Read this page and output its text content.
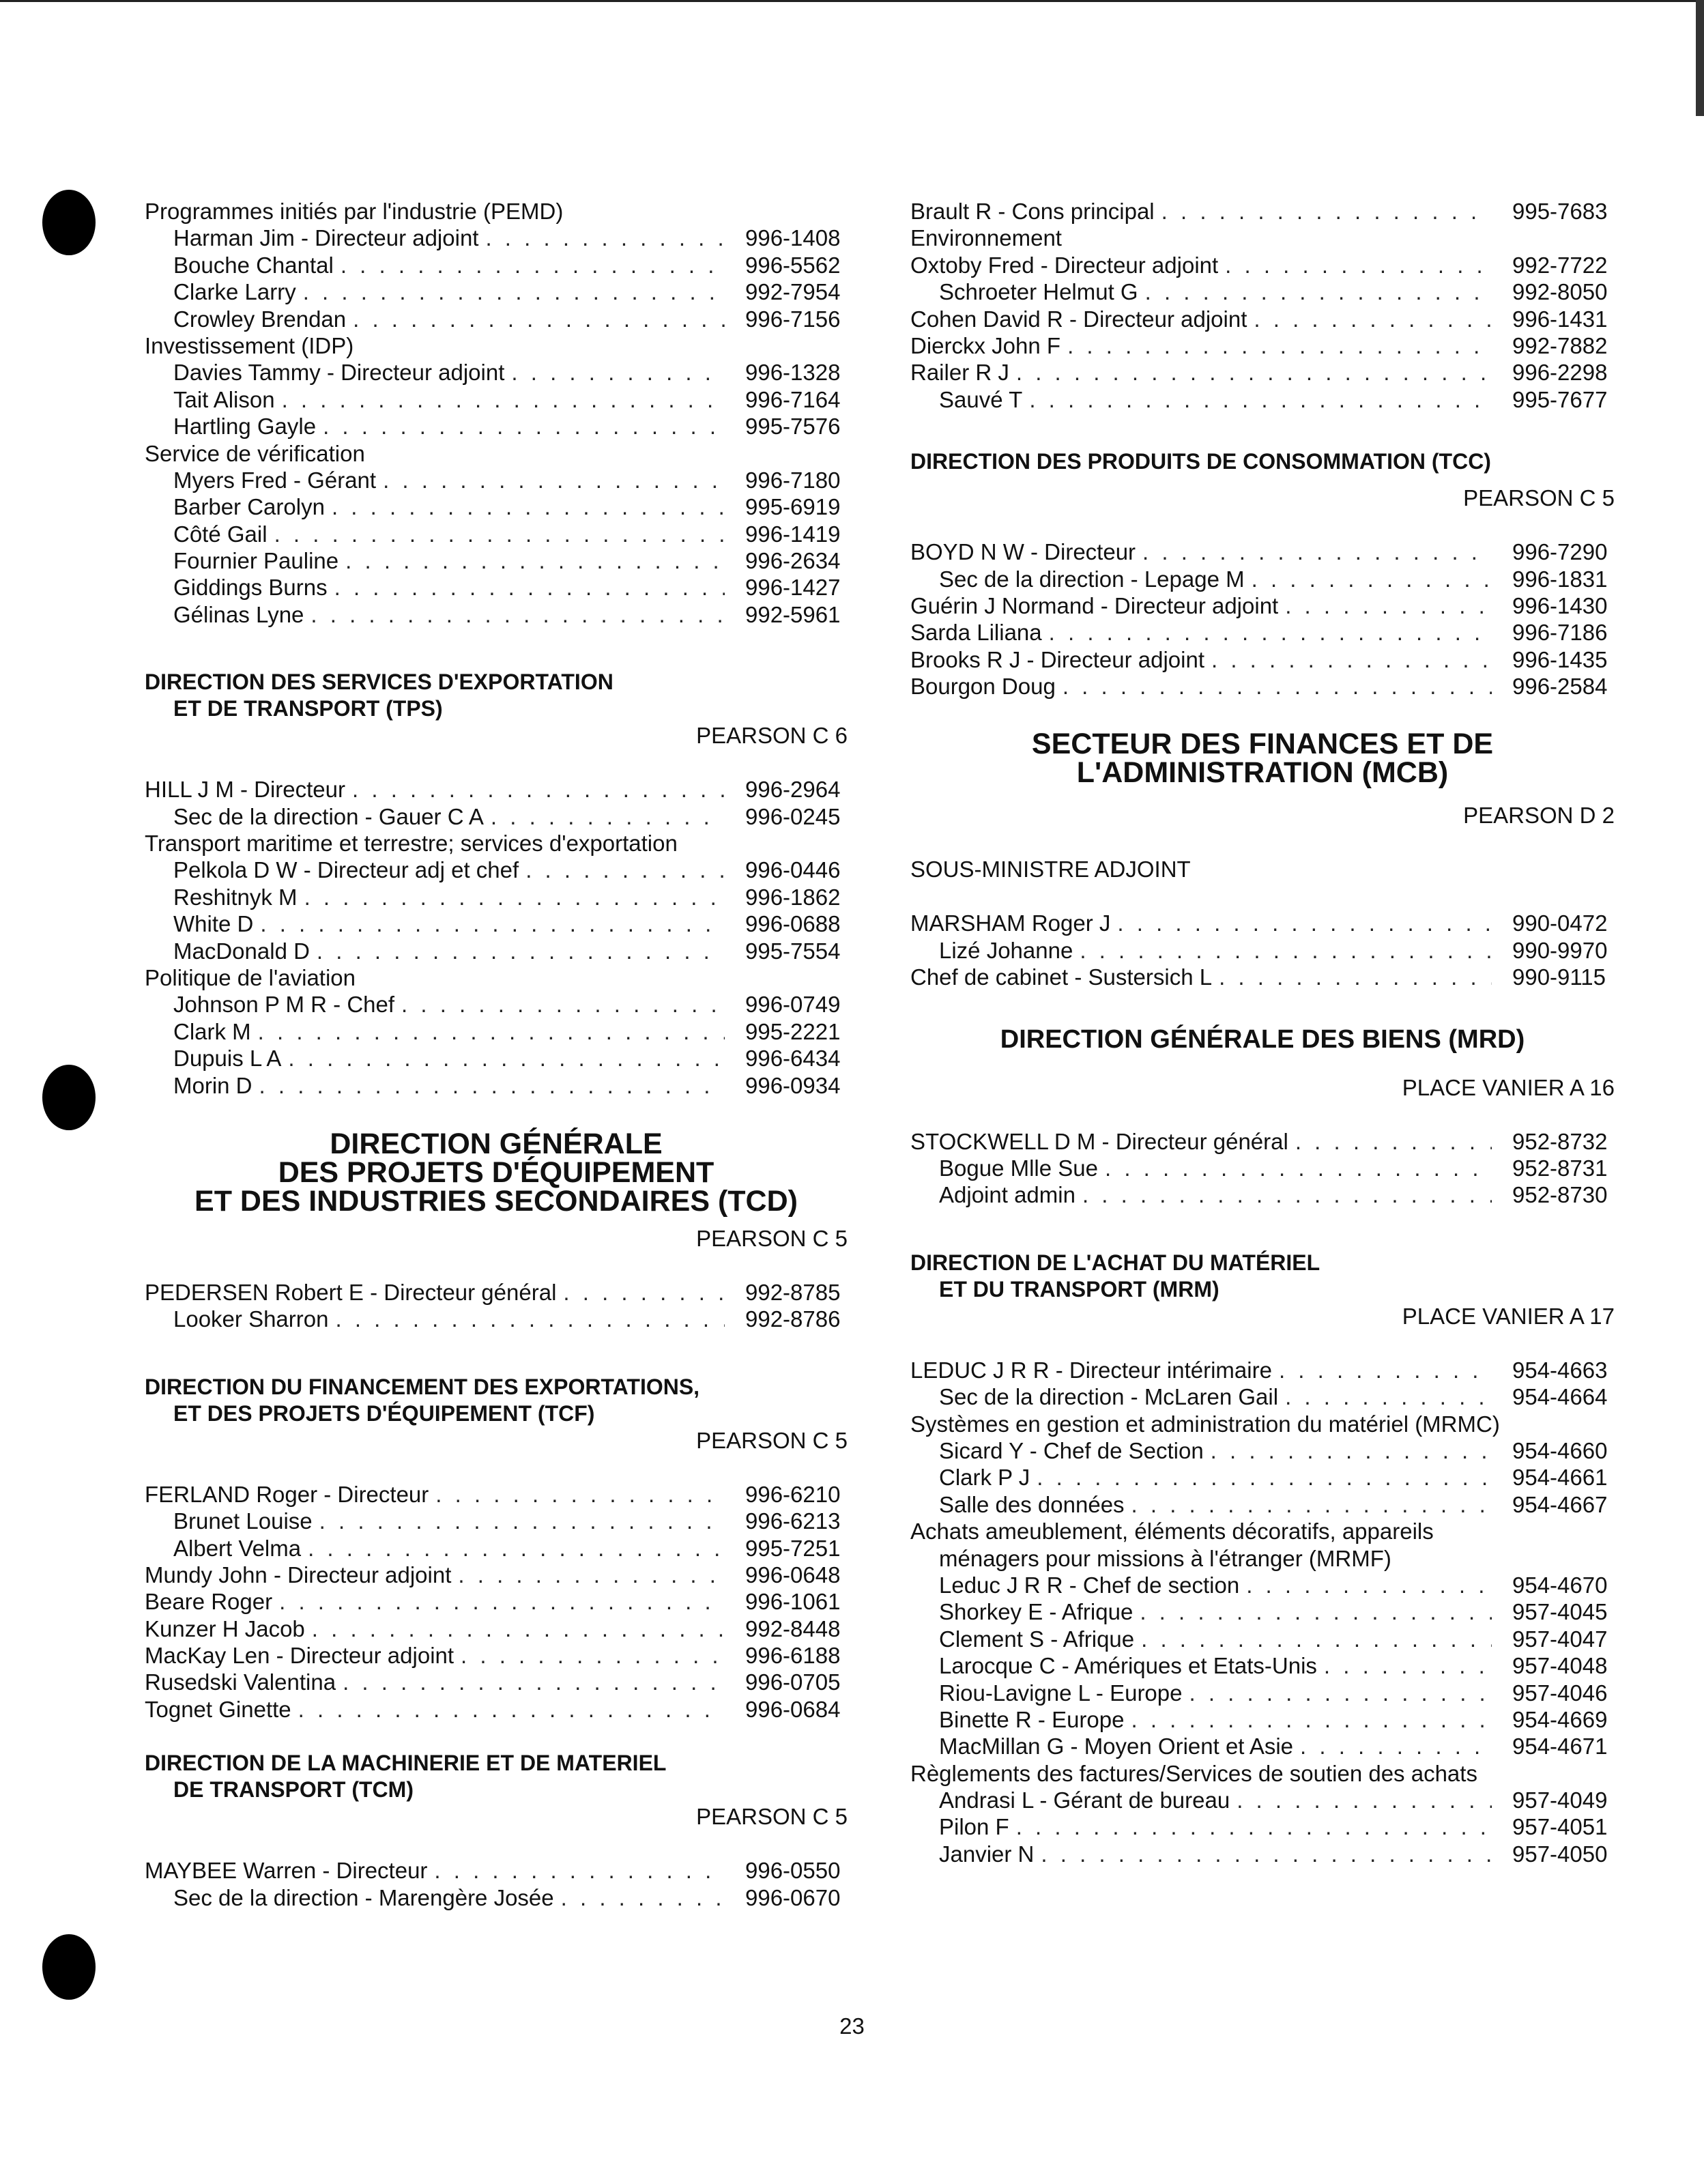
Programmes initiés par l'industrie (PEMD)
Harman Jim - Directeur adjoint . . .	996-1408
Bouche Chantal . . .	996-5562
Clarke Larry . . .	992-7954
Crowley Brendan . . .	996-7156
Investissement (IDP)
Davies Tammy - Directeur adjoint . . .	996-1328
Tait Alison . . .	996-7164
Hartling Gayle . . .	995-7576
Service de vérification
Myers Fred - Gérant . . .	996-7180
Barber Carolyn . . .	995-6919
Côté Gail . . .	996-1419
Fournier Pauline . . .	996-2634
Giddings Burns . . .	996-1427
Gélinas Lyne . . .	992-5961
DIRECTION DES SERVICES D'EXPORTATION
ET DE TRANSPORT (TPS)
PEARSON C 6
HILL J M - Directeur . . .	996-2964
Sec de la direction - Gauer C A . . .	996-0245
Transport maritime et terrestre; services d'exportation
Pelkola D W - Directeur adj et chef . . .	996-0446
Reshitnyk M . . .	996-1862
White D . . .	996-0688
MacDonald D . . .	995-7554
Politique de l'aviation
Johnson P M R - Chef . . .	996-0749
Clark M . . .	995-2221
Dupuis L A . . .	996-6434
Morin D . . .	996-0934
DIRECTION GÉNÉRALE
DES PROJETS D'ÉQUIPEMENT
ET DES INDUSTRIES SECONDAIRES (TCD)
PEARSON C 5
PEDERSEN Robert E - Directeur général . . .	992-8785
Looker Sharron . . .	992-8786
DIRECTION DU FINANCEMENT DES EXPORTATIONS,
ET DES PROJETS D'ÉQUIPEMENT (TCF)
PEARSON C 5
FERLAND Roger - Directeur . . .	996-6210
Brunet Louise . . .	996-6213
Albert Velma . . .	995-7251
Mundy John - Directeur adjoint . . .	996-0648
Beare Roger . . .	996-1061
Kunzer H Jacob . . .	992-8448
MacKay Len - Directeur adjoint . . .	996-6188
Rusedski Valentina . . .	996-0705
Tognet Ginette . . .	996-0684
DIRECTION DE LA MACHINERIE ET DE MATERIEL
DE TRANSPORT (TCM)
PEARSON C 5
MAYBEE Warren - Directeur . . .	996-0550
Sec de la direction - Marengère Josée . . .	996-0670
Brault R - Cons principal . . .	995-7683
Environnement
Oxtoby Fred - Directeur adjoint . . .	992-7722
Schroeter Helmut G . . .	992-8050
Cohen David R - Directeur adjoint . . .	996-1431
Dierckx John F . . .	992-7882
Railer R J . . .	996-2298
Sauvé T . . .	995-7677
DIRECTION DES PRODUITS DE CONSOMMATION (TCC)
PEARSON C 5
BOYD N W - Directeur . . .	996-7290
Sec de la direction - Lepage M . . .	996-1831
Guérin J Normand - Directeur adjoint . . .	996-1430
Sarda Liliana . . .	996-7186
Brooks R J - Directeur adjoint . . .	996-1435
Bourgon Doug . . .	996-2584
SECTEUR DES FINANCES ET DE
L'ADMINISTRATION (MCB)
PEARSON D 2
SOUS-MINISTRE ADJOINT
MARSHAM Roger J . . .	990-0472
Lizé Johanne . . .	990-9970
Chef de cabinet - Sustersich L . . .	990-9115
DIRECTION GÉNÉRALE DES BIENS (MRD)
PLACE VANIER A 16
STOCKWELL D M - Directeur général . . .	952-8732
Bogue Mlle Sue . . .	952-8731
Adjoint admin . . .	952-8730
DIRECTION DE L'ACHAT DU MATÉRIEL
ET DU TRANSPORT (MRM)
PLACE VANIER A 17
LEDUC J R R - Directeur intérimaire . . .	954-4663
Sec de la direction - McLaren Gail . . .	954-4664
Systèmes en gestion et administration du matériel (MRMC)
Sicard Y - Chef de Section . . .	954-4660
Clark P J . . .	954-4661
Salle des données . . .	954-4667
Achats ameublement, éléments décoratifs, appareils
ménagers pour missions à l'étranger (MRMF)
Leduc J R R - Chef de section . . .	954-4670
Shorkey E - Afrique . . .	957-4045
Clement S - Afrique . . .	957-4047
Larocque C - Amériques et Etats-Unis . . .	957-4048
Riou-Lavigne L - Europe . . .	957-4046
Binette R - Europe . . .	954-4669
MacMillan G - Moyen Orient et Asie . . .	954-4671
Règlements des factures/Services de soutien des achats
Andrasi L - Gérant de bureau . . .	957-4049
Pilon F . . .	957-4051
Janvier N . . .	957-4050
23
